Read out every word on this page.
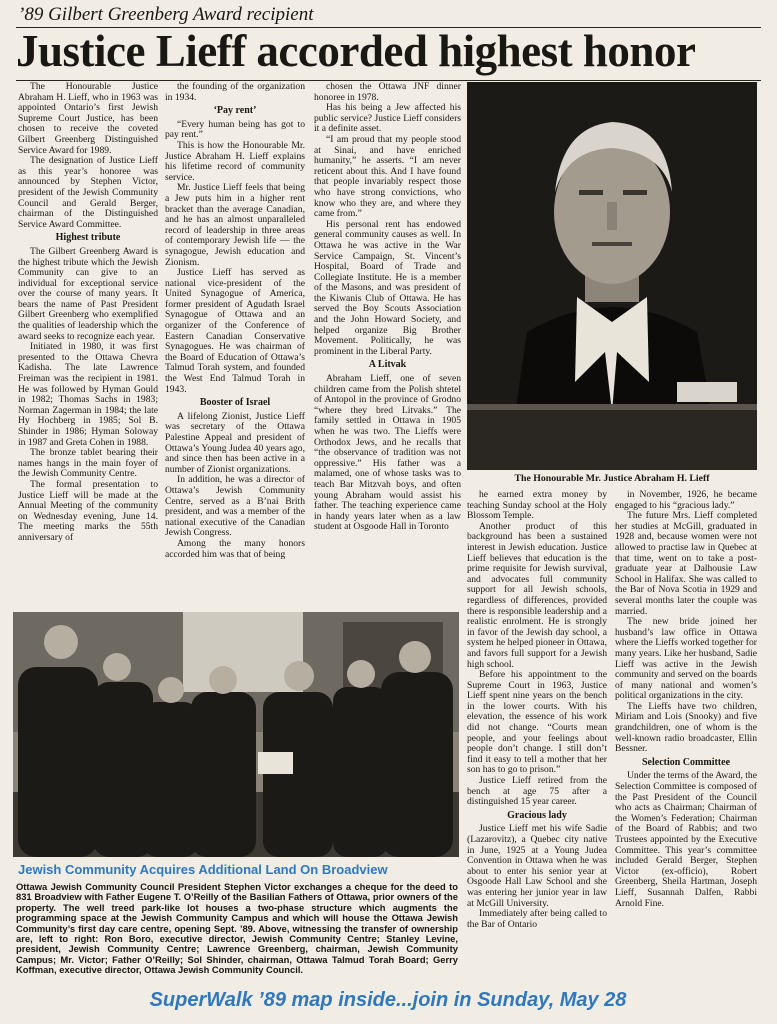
’89 Gilbert Greenberg Award recipient
Justice Lieff accorded highest honor

The Honourable Justice Abraham H. Lieff, who in 1963 was appointed Ontario’s first Jewish Supreme Court Justice, has been chosen to receive the coveted Gilbert Greenberg Distinguished Service Award for 1989.

The designation of Justice Lieff as this year’s honoree was announced by Stephen Victor, president of the Jewish Community Council and Gerald Berger, chairman of the Distinguished Service Award Committee.

Highest tribute

The Gilbert Greenberg Award is the highest tribute which the Jewish Community can give to an individual for exceptional service over the course of many years. It bears the name of Past President Gilbert Greenberg who exemplified the qualities of leadership which the award seeks to recognize each year.

Initiated in 1980, it was first presented to the Ottawa Chevra Kadisha. The late Lawrence Freiman was the recipient in 1981. He was followed by Hyman Gould in 1982; Thomas Sachs in 1983; Norman Zagerman in 1984; the late Hy Hochberg in 1985; Sol B. Shinder in 1986; Hyman Soloway in 1987 and Greta Cohen in 1988.

The bronze tablet bearing their names hangs in the main foyer of the Jewish Community Centre.

The formal presentation to Justice Lieff will be made at the Annual Meeting of the community on Wednesday evening, June 14. The meeting marks the 55th anniversary of

the founding of the organization in 1934.

‘Pay rent’

“Every human being has got to pay rent.”

This is how the Honourable Mr. Justice Abraham H. Lieff explains his lifetime record of community service.

Mr. Justice Lieff feels that being a Jew puts him in a higher rent bracket than the average Canadian, and he has an almost unparalleled record of leadership in three areas of contemporary Jewish life — the synagogue, Jewish education and Zionism.

Justice Lieff has served as national vice-president of the United Synagogue of America, former president of Agudath Israel Synagogue of Ottawa and an organizer of the Conference of Eastern Canadian Conservative Synagogues. He was chairman of the Board of Education of Ottawa’s Talmud Torah system, and founded the West End Talmud Torah in 1943.

Booster of Israel

A lifelong Zionist, Justice Lieff was secretary of the Ottawa Palestine Appeal and president of Ottawa’s Young Judea 40 years ago, and since then has been active in a number of Zionist organizations.

In addition, he was a director of Ottawa’s Jewish Community Centre, served as a B’nai Brith president, and was a member of the national executive of the Canadian Jewish Congress.

Among the many honors accorded him was that of being

chosen the Ottawa JNF dinner honoree in 1978.

Has his being a Jew affected his public service? Justice Lieff considers it a definite asset.

“I am proud that my people stood at Sinai, and have enriched humanity,” he asserts. “I am never reticent about this. And I have found that people invariably respect those who have strong convictions, who know who they are, and where they came from.”

His personal rent has endowed general community causes as well. In Ottawa he was active in the War Service Campaign, St. Vincent’s Hospital, Board of Trade and Collegiate Institute. He is a member of the Masons, and was president of the Kiwanis Club of Ottawa. He has served the Boy Scouts Association and the John Howard Society, and helped organize Big Brother Movement. Politically, he was prominent in the Liberal Party.

A Litvak

Abraham Lieff, one of seven children came from the Polish shtetel of Antopol in the province of Grodno “where they bred Litvaks.” The family settled in Ottawa in 1905 when he was two. The Lieffs were Orthodox Jews, and he recalls that “the observance of tradition was not oppressive.” His father was a malamed, one of whose tasks was to teach Bar Mitzvah boys, and often young Abraham would assist his father. The teaching experience came in handy years later when as a law student at Osgoode Hall in Toronto

The Honourable Mr. Justice Abraham H. Lieff

he earned extra money by teaching Sunday school at the Holy Blossom Temple.

Another product of this background has been a sustained interest in Jewish education. Justice Lieff believes that education is the prime requisite for Jewish survival, and advocates full community support for all Jewish schools, regardless of differences, provided there is responsible leadership and a realistic enrolment. He is strongly in favor of the Jewish day school, a system he helped pioneer in Ottawa, and favors full support for a Jewish high school.

Before his appointment to the Supreme Court in 1963, Justice Lieff spent nine years on the bench in the lower courts. With his elevation, the essence of his work did not change. “Courts mean people, and your feelings about people don’t change. I still don’t find it easy to tell a mother that her son has to go to prison.”

Justice Lieff retired from the bench at age 75 after a distinguished 15 year career.

Gracious lady

Justice Lieff met his wife Sadie (Lazarovitz), a Quebec city native in June, 1925 at a Young Judea Convention in Ottawa when he was about to enter his senior year at Osgoode Hall Law School and she was entering her junior year in law at McGill University.

Immediately after being called to the Bar of Ontario

in November, 1926, he became engaged to his “gracious lady.”

The future Mrs. Lieff completed her studies at McGill, graduated in 1928 and, because women were not allowed to practise law in Quebec at that time, went on to take a post-graduate year at Dalhousie Law School in Halifax. She was called to the Bar of Nova Scotia in 1929 and several months later the couple was married.

The new bride joined her husband’s law office in Ottawa where the Lieffs worked together for many years. Like her husband, Sadie Lieff was active in the Jewish community and served on the boards of many national and women’s political organizations in the city.

The Lieffs have two children, Miriam and Lois (Snooky) and five grandchildren, one of whom is the well-known radio broadcaster, Ellin Bessner.

Selection Committee

Under the terms of the Award, the Selection Committee is composed of the Past President of the Council who acts as Chairman; Chairman of the Women’s Federation; Chairman of the Board of Rabbis; and two Trustees appointed by the Executive Committee. This year’s committee included Gerald Berger, Stephen Victor (ex-officio), Robert Greenberg, Sheila Hartman, Joseph Lieff, Susannah Dalfen, Rabbi Arnold Fine.

Jewish Community Acquires Additional Land On Broadview
Ottawa Jewish Community Council President Stephen Victor exchanges a cheque for the deed to 831 Broadview with Father Eugene T. O’Reilly of the Basilian Fathers of Ottawa, prior owners of the property. The well treed park-like lot houses a two-phase structure which augments the programming space at the Jewish Community Campus and which will house the Ottawa Jewish Community’s first day care centre, opening Sept. ’89. Above, witnessing the transfer of ownership are, left to right: Ron Boro, executive director, Jewish Community Centre; Stanley Levine, president, Jewish Community Centre; Lawrence Greenberg, chairman, Jewish Community Campus; Mr. Victor; Father O’Reilly; Sol Shinder, chairman, Ottawa Talmud Torah Board; Gerry Koffman, executive director, Ottawa Jewish Community Council.
SuperWalk ’89 map inside...join in Sunday, May 28
